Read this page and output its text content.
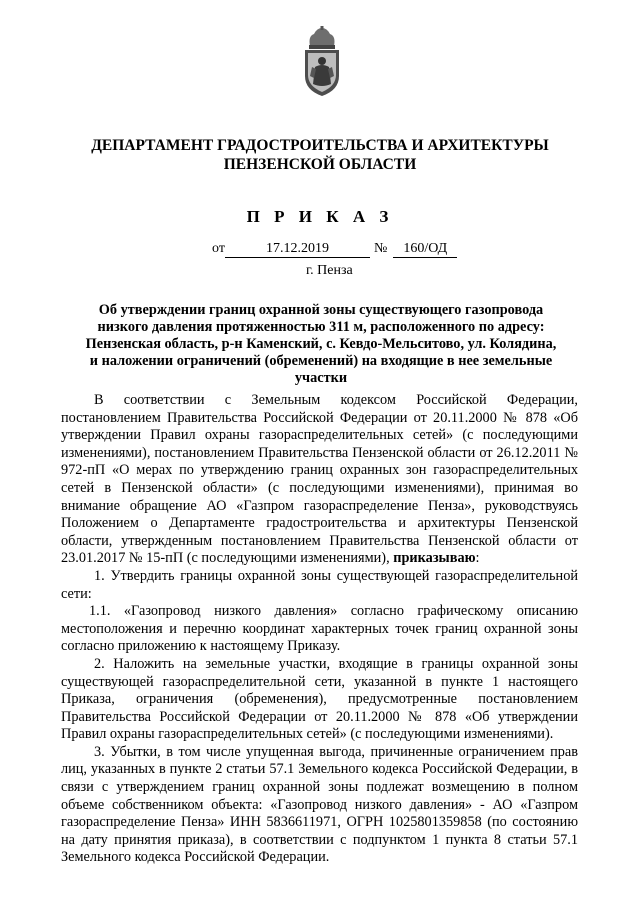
ДЕПАРТАМЕНТ ГРАДОСТРОИТЕЛЬСТВА И АРХИТЕКТУРЫ
ПЕНЗЕНСКОЙ ОБЛАСТИ
П Р И К А З
от	17.12.2019	№ 160/ОД
г. Пенза
Об утверждении границ охранной зоны существующего газопровода
низкого давления протяженностью 311 м, расположенного по адресу:
Пензенская область, р-н Каменский, с. Кевдо-Мельситово, ул. Колядина,
и наложении ограничений (обременений) на входящие в нее земельные участки

В соответствии с Земельным кодексом Российской Федерации, постановлением Правительства Российской Федерации от 20.11.2000 № 878 «Об утверждении Правил охраны газораспределительных сетей» (с последующими изменениями), постановлением Правительства Пензенской области от 26.12.2011 № 972-пП «О мерах по утверждению границ охранных зон газораспределительных сетей в Пензенской области» (с последующими изменениями), принимая во внимание обращение АО «Газпром газораспределение Пенза», руководствуясь Положением о Департаменте градостроительства и архитектуры Пензенской области, утвержденным постановлением Правительства Пензенской области от 23.01.2017 № 15-пП (с последующими изменениями), приказываю:

1. Утвердить границы охранной зоны существующей газораспределительной сети:

1.1. «Газопровод низкого давления» согласно графическому описанию местоположения и перечню координат характерных точек границ охранной зоны согласно приложению к настоящему Приказу.

2. Наложить на земельные участки, входящие в границы охранной зоны существующей газораспределительной сети, указанной в пункте 1 настоящего Приказа, ограничения (обременения), предусмотренные постановлением Правительства Российской Федерации от 20.11.2000 № 878 «Об утверждении Правил охраны газораспределительных сетей» (с последующими изменениями).

3. Убытки, в том числе упущенная выгода, причиненные ограничением прав лиц, указанных в пункте 2 статьи 57.1 Земельного кодекса Российской Федерации, в связи с утверждением границ охранной зоны подлежат возмещению в полном объеме собственником объекта: «Газопровод низкого давления» - АО «Газпром газораспределение Пенза» ИНН 5836611971, ОГРН 1025801359858 (по состоянию на дату принятия приказа), в соответствии с подпунктом 1 пункта 8 статьи 57.1 Земельного кодекса Российской Федерации.
